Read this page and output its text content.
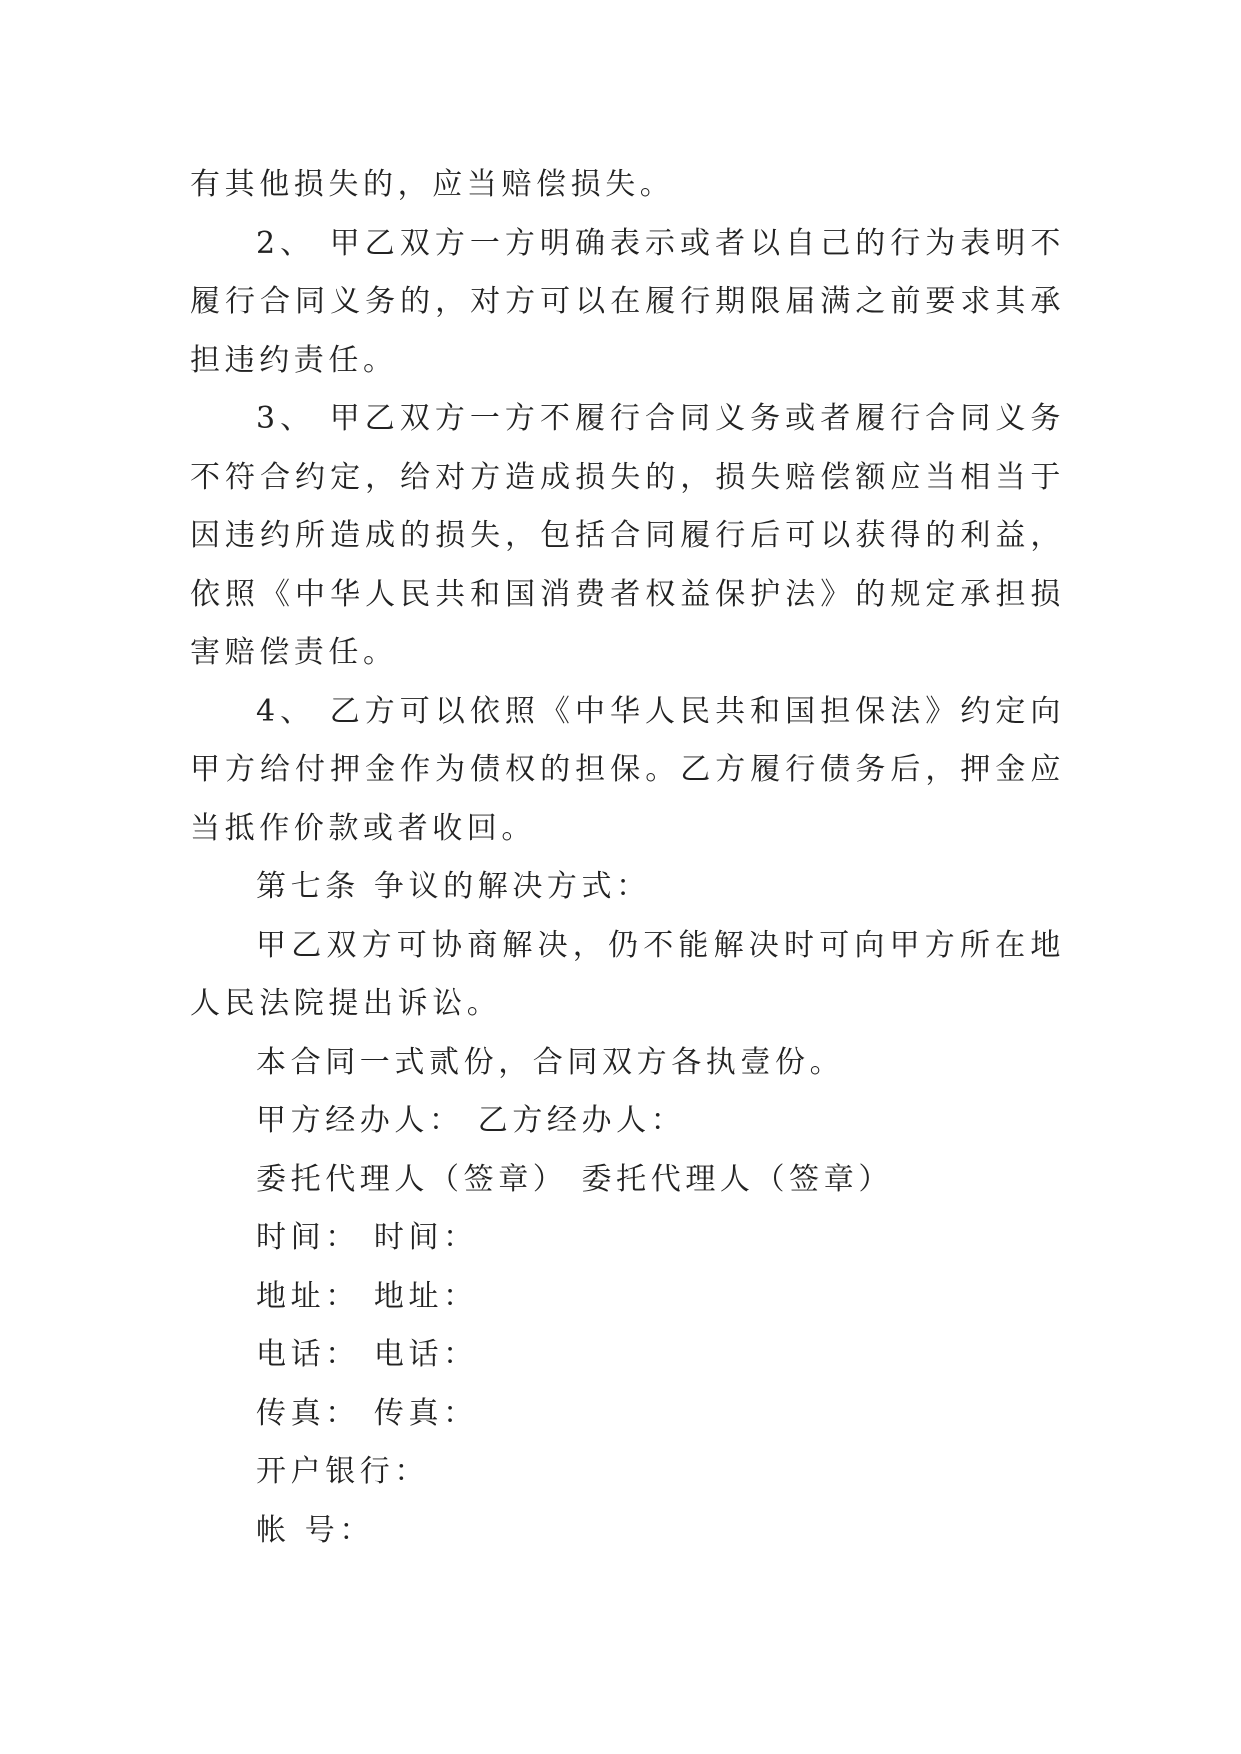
有其他损失的，应当赔偿损失。

2、 甲乙双方一方明确表示或者以自己的行为表明不履行合同义务的，对方可以在履行期限届满之前要求其承担违约责任。

3、 甲乙双方一方不履行合同义务或者履行合同义务不符合约定，给对方造成损失的，损失赔偿额应当相当于因违约所造成的损失，包括合同履行后可以获得的利益，依照《中华人民共和国消费者权益保护法》的规定承担损害赔偿责任。

4、 乙方可以依照《中华人民共和国担保法》约定向甲方给付押金作为债权的担保。乙方履行债务后，押金应当抵作价款或者收回。

第七条 争议的解决方式：

甲乙双方可协商解决，仍不能解决时可向甲方所在地人民法院提出诉讼。

本合同一式贰份，合同双方各执壹份。

甲方经办人： 乙方经办人：

委托代理人（签章） 委托代理人（签章）

时间： 时间：

地址： 地址：

电话： 电话：

传真： 传真：

开户银行：

帐 号：
